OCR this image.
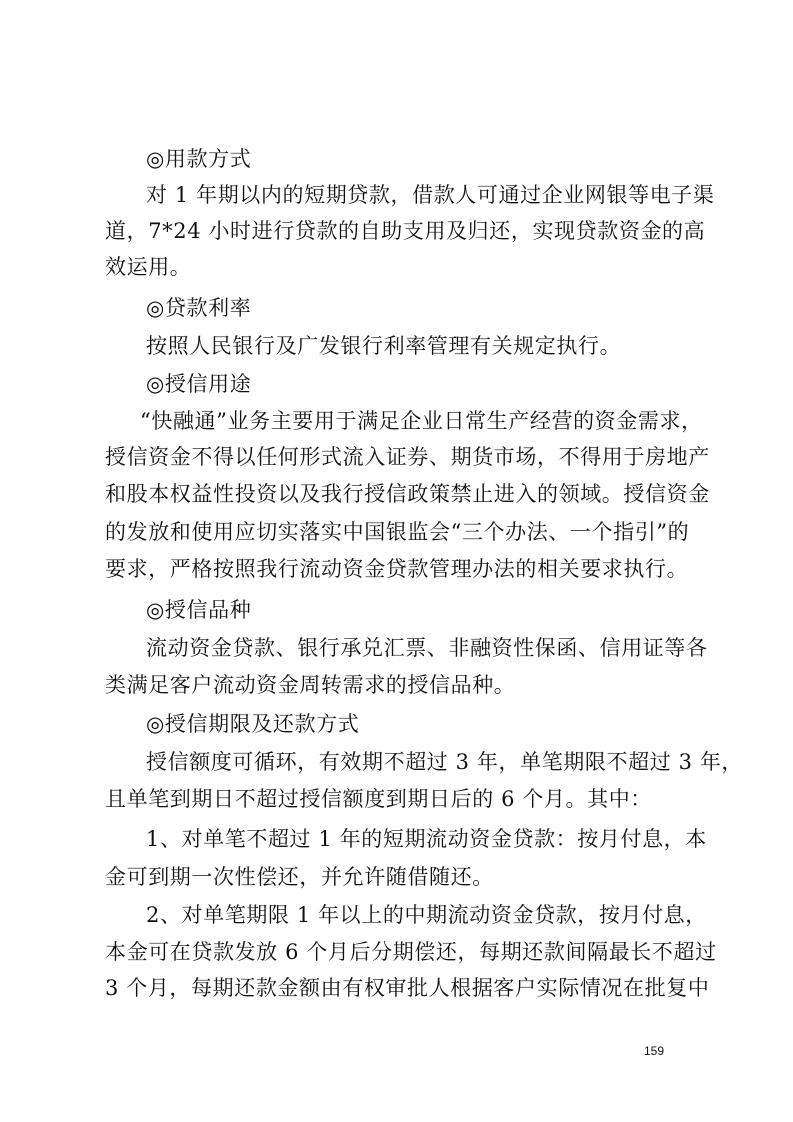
◎用款方式
对 1 年期以内的短期贷款，借款人可通过企业网银等电子渠
道，7*24 小时进行贷款的自助支用及归还，实现贷款资金的高
效运用。
◎贷款利率
按照人民银行及广发银行利率管理有关规定执行。
◎授信用途
“快融通”业务主要用于满足企业日常生产经营的资金需求，
授信资金不得以任何形式流入证券、期货市场，不得用于房地产
和股本权益性投资以及我行授信政策禁止进入的领域。授信资金
的发放和使用应切实落实中国银监会“三个办法、一个指引”的
要求，严格按照我行流动资金贷款管理办法的相关要求执行。
◎授信品种
流动资金贷款、银行承兑汇票、非融资性保函、信用证等各
类满足客户流动资金周转需求的授信品种。
◎授信期限及还款方式
授信额度可循环，有效期不超过 3 年，单笔期限不超过 3 年，
且单笔到期日不超过授信额度到期日后的 6 个月。其中：
1、对单笔不超过 1 年的短期流动资金贷款：按月付息，本
金可到期一次性偿还，并允许随借随还。
2、对单笔期限 1 年以上的中期流动资金贷款，按月付息，
本金可在贷款发放 6 个月后分期偿还，每期还款间隔最长不超过
3 个月，每期还款金额由有权审批人根据客户实际情况在批复中
159
